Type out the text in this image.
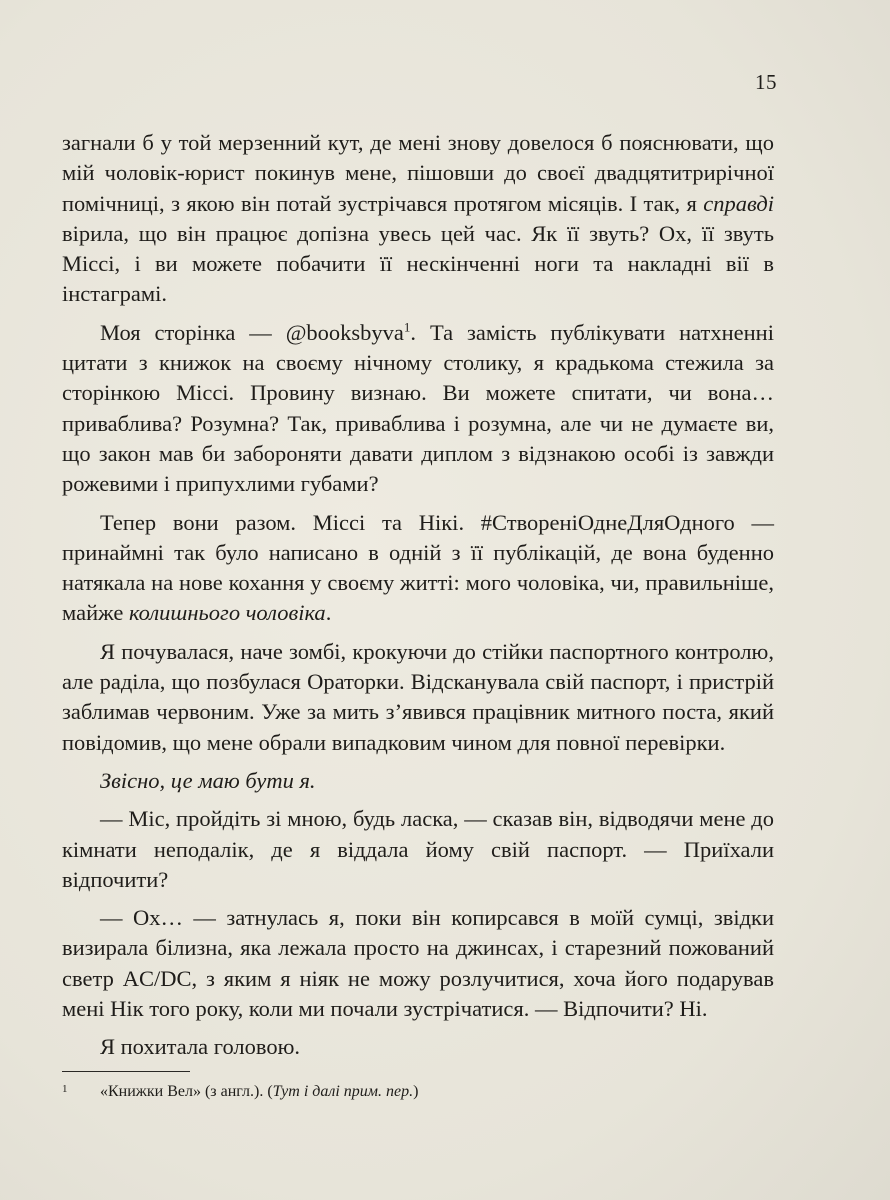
15

загнали б у той мерзенний кут, де мені знову довелося б пояснювати, що мій чоловік-юрист покинув мене, пішовши до своєї двадцятитрирічної помічниці, з якою він потай зустрічався протягом місяців. І так, я справді вірила, що він працює допізна увесь цей час. Як її звуть? Ох, її звуть Міссі, і ви можете побачити її нескінченні ноги та накладні вії в інстаграмі.

Моя сторінка — @booksbyva$^1$. Та замість публікувати натхненні цитати з книжок на своєму нічному столику, я крадькома стежила за сторінкою Міссі. Провину визнаю. Ви можете спитати, чи вона… приваблива? Розумна? Так, приваблива і розумна, але чи не думаєте ви, що закон мав би забороняти давати диплом з відзнакою особі із завжди рожевими і припухлими губами?

Тепер вони разом. Міссі та Нікі. #СтвореніОднеДляОдного — принаймні так було написано в одній з її публікацій, де вона буденно натякала на нове кохання у своєму житті: мого чоловіка, чи, правильніше, майже колишнього чоловіка.

Я почувалася, наче зомбі, крокуючи до стійки паспортного контролю, але раділа, що позбулася Ораторки. Відсканувала свій паспорт, і пристрій заблимав червоним. Уже за мить з’явився працівник митного поста, який повідомив, що мене обрали випадковим чином для повної перевірки.

Звісно, це маю бути я.

— Міс, пройдіть зі мною, будь ласка, — сказав він, відводячи мене до кімнати неподалік, де я віддала йому свій паспорт. — Приїхали відпочити?

— Ох… — затнулась я, поки він копирсався в моїй сумці, звідки визирала білизна, яка лежала просто на джинсах, і старезний пожований светр AC/DC, з яким я ніяк не можу розлучитися, хоча його подарував мені Нік того року, коли ми почали зустрічатися. — Відпочити? Ні.

Я похитала головою.

1 «Книжки Вел» (з англ.). (Тут і далі прим. пер.)
